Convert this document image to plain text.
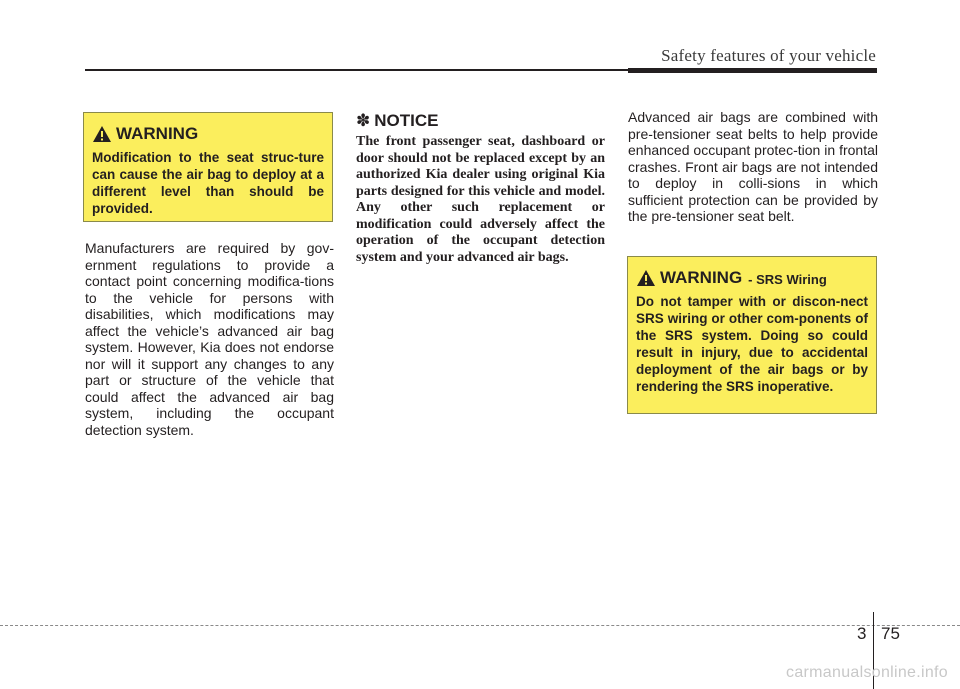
Safety features of your vehicle
WARNING
Modification to the seat struc-ture can cause the air bag to deploy at a different level than should be provided.
Manufacturers are required by gov-ernment regulations to provide a contact point concerning modifica-tions to the vehicle for persons with disabilities, which modifications may affect the vehicle’s advanced air bag system. However, Kia does not endorse nor will it support any changes to any part or structure of the vehicle that could affect the advanced air bag system, including the occupant detection system.
✽ NOTICE
The front passenger seat, dashboard or door should not be replaced except by an authorized Kia dealer using original Kia parts designed for this vehicle and model. Any other such replacement or modification could adversely affect the operation of the occupant detection system and your advanced air bags.
Advanced air bags are combined with pre-tensioner seat belts to help provide enhanced occupant protec-tion in frontal crashes. Front air bags are not intended to deploy in colli-sions in which sufficient protection can be provided by the pre-tensioner seat belt.
WARNING - SRS Wiring
Do not tamper with or discon-nect SRS wiring or other com-ponents of the SRS system. Doing so could result in injury, due to accidental deployment of the air bags or by rendering the SRS inoperative.
3 75
carmanualsonline.info
